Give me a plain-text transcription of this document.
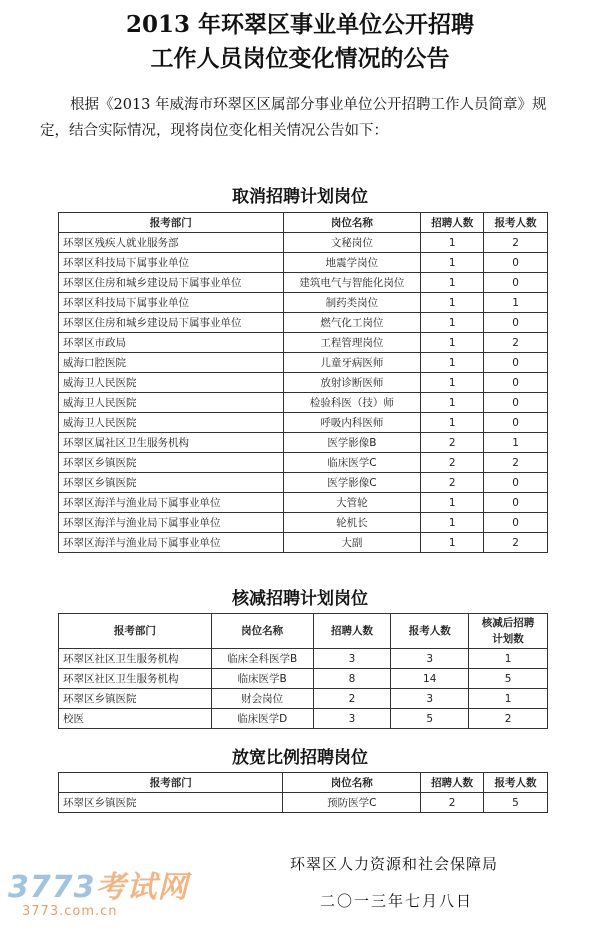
2013 年环翠区事业单位公开招聘
工作人员岗位变化情况的公告
根据《2013 年威海市环翠区区属部分事业单位公开招聘工作人员简章》规定，结合实际情况，现将岗位变化相关情况公告如下：
取消招聘计划岗位
报考部门	岗位名称	招聘人数	报考人数
环翠区残疾人就业服务部	文秘岗位	1	2
环翠区科技局下属事业单位	地震学岗位	1	0
环翠区住房和城乡建设局下属事业单位	建筑电气与智能化岗位	1	0
环翠区科技局下属事业单位	制药类岗位	1	1
环翠区住房和城乡建设局下属事业单位	燃气化工岗位	1	0
环翠区市政局	工程管理岗位	1	2
威海口腔医院	儿童牙病医师	1	0
威海卫人民医院	放射诊断医师	1	0
威海卫人民医院	检验科医（技）师	1	0
威海卫人民医院	呼吸内科医师	1	0
环翠区属社区卫生服务机构	医学影像B	2	1
环翠区乡镇医院	临床医学C	2	2
环翠区乡镇医院	医学影像C	2	0
环翠区海洋与渔业局下属事业单位	大管轮	1	0
环翠区海洋与渔业局下属事业单位	轮机长	1	0
环翠区海洋与渔业局下属事业单位	大副	1	2
核减招聘计划岗位
报考部门	岗位名称	招聘人数	报考人数	核减后招聘
计划数
环翠区社区卫生服务机构	临床全科医学B	3	3	1
环翠区社区卫生服务机构	临床医学B	8	14	5
环翠区乡镇医院	财会岗位	2	3	1
校医	临床医学D	3	5	2
放宽比例招聘岗位
报考部门	岗位名称	招聘人数	报考人数
环翠区乡镇医院	预防医学C	2	5
3773考试网
3773.com.cn
环翠区人力资源和社会保障局
二〇一三年七月八日
